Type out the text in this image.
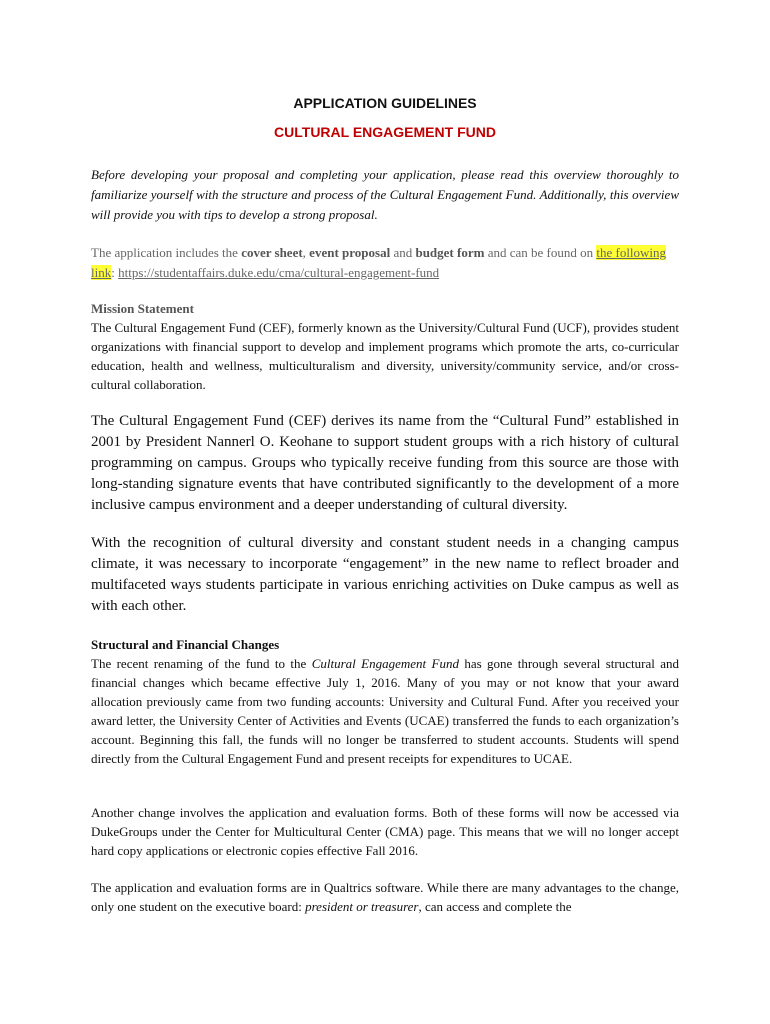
APPLICATION GUIDELINES
CULTURAL ENGAGEMENT FUND

Before developing your proposal and completing your application, please read this overview thoroughly to familiarize yourself with the structure and process of the Cultural Engagement Fund. Additionally, this overview will provide you with tips to develop a strong proposal.

The application includes the cover sheet, event proposal and budget form and can be found on the following link: https://studentaffairs.duke.edu/cma/cultural-engagement-fund

Mission Statement

The Cultural Engagement Fund (CEF), formerly known as the University/Cultural Fund (UCF), provides student organizations with financial support to develop and implement programs which promote the arts, co-curricular education, health and wellness, multiculturalism and diversity, university/community service, and/or cross-cultural collaboration.

The Cultural Engagement Fund (CEF) derives its name from the “Cultural Fund” established in 2001 by President Nannerl O. Keohane to support student groups with a rich history of cultural programming on campus. Groups who typically receive funding from this source are those with long-standing signature events that have contributed significantly to the development of a more inclusive campus environment and a deeper understanding of cultural diversity.

With the recognition of cultural diversity and constant student needs in a changing campus climate, it was necessary to incorporate “engagement” in the new name to reflect broader and multifaceted ways students participate in various enriching activities on Duke campus as well as with each other.

Structural and Financial Changes

The recent renaming of the fund to the Cultural Engagement Fund has gone through several structural and financial changes which became effective July 1, 2016. Many of you may or not know that your award allocation previously came from two funding accounts: University and Cultural Fund. After you received your award letter, the University Center of Activities and Events (UCAE) transferred the funds to each organization’s account. Beginning this fall, the funds will no longer be transferred to student accounts. Students will spend directly from the Cultural Engagement Fund and present receipts for expenditures to UCAE.

Another change involves the application and evaluation forms. Both of these forms will now be accessed via DukeGroups under the Center for Multicultural Center (CMA) page. This means that we will no longer accept hard copy applications or electronic copies effective Fall 2016.

The application and evaluation forms are in Qualtrics software. While there are many advantages to the change, only one student on the executive board: president or treasurer, can access and complete the
